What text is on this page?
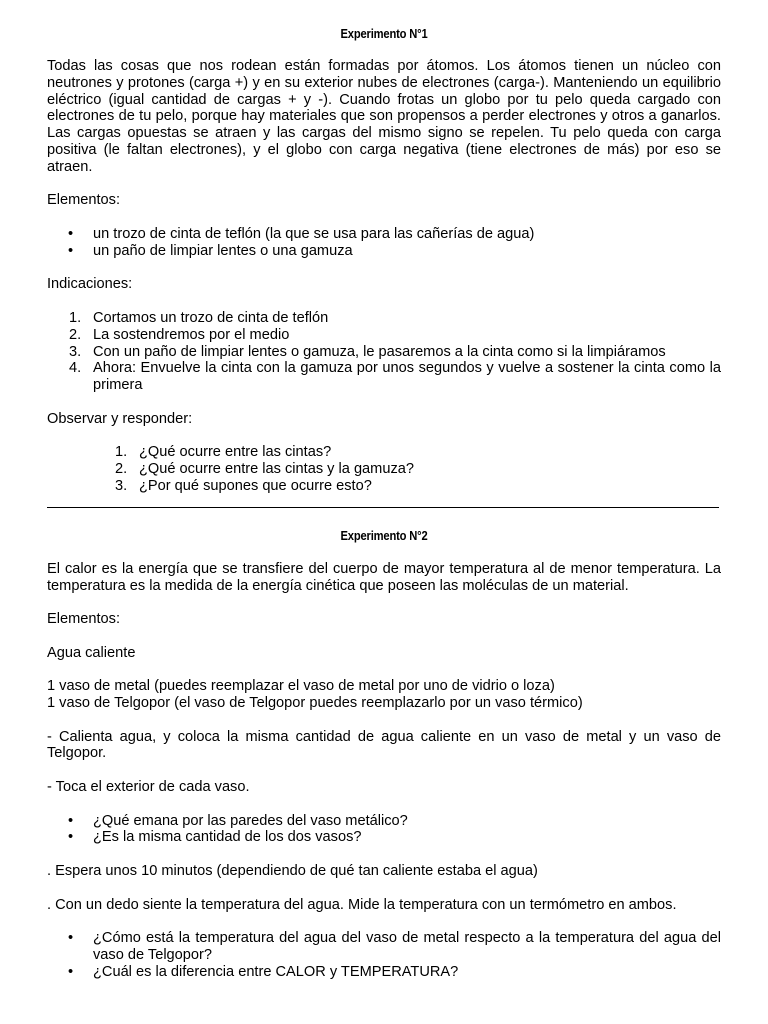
Experimento N°1

Todas las cosas que nos rodean están formadas por átomos. Los átomos tienen un núcleo con neutrones y protones (carga +) y en su exterior nubes de electrones (carga-). Manteniendo un equilibrio eléctrico (igual cantidad de cargas + y -). Cuando frotas un globo por tu pelo queda cargado con electrones de tu pelo, porque hay materiales que son propensos a perder electrones y otros a ganarlos. Las cargas opuestas se atraen y las cargas del mismo signo se repelen. Tu pelo queda con carga positiva (le faltan electrones), y el globo con carga negativa (tiene electrones de más) por eso se atraen.

Elementos:

• un trozo de cinta de teflón (la que se usa para las cañerías de agua)
• un paño de limpiar lentes o una gamuza

Indicaciones:

1. Cortamos un trozo de cinta de teflón
2. La sostendremos por el medio
3. Con un paño de limpiar lentes o gamuza, le pasaremos a la cinta como si la limpiáramos
4. Ahora: Envuelve la cinta con la gamuza por unos segundos y vuelve a sostener la cinta como la primera

Observar y responder:

1. ¿Qué ocurre entre las cintas?
2. ¿Qué ocurre entre las cintas y la gamuza?
3. ¿Por qué supones que ocurre esto?

Experimento N°2

El calor es la energía que se transfiere del cuerpo de mayor temperatura al de menor temperatura. La temperatura es la medida de la energía cinética que poseen las moléculas de un material.

Elementos:

Agua caliente

1 vaso de metal (puedes reemplazar el vaso de metal por uno de vidrio o loza)

1 vaso de Telgopor (el vaso de Telgopor puedes reemplazarlo por un vaso térmico)

- Calienta agua, y coloca la misma cantidad de agua caliente en un vaso de metal y un vaso de Telgopor.

- Toca el exterior de cada vaso.

• ¿Qué emana por las paredes del vaso metálico?
• ¿Es la misma cantidad de los dos vasos?

. Espera unos 10 minutos (dependiendo de qué tan caliente estaba el agua)

. Con un dedo siente la temperatura del agua. Mide la temperatura con un termómetro en ambos.

• ¿Cómo está la temperatura del agua del vaso de metal respecto a la temperatura del agua del vaso de Telgopor?
• ¿Cuál es la diferencia entre CALOR y TEMPERATURA?
